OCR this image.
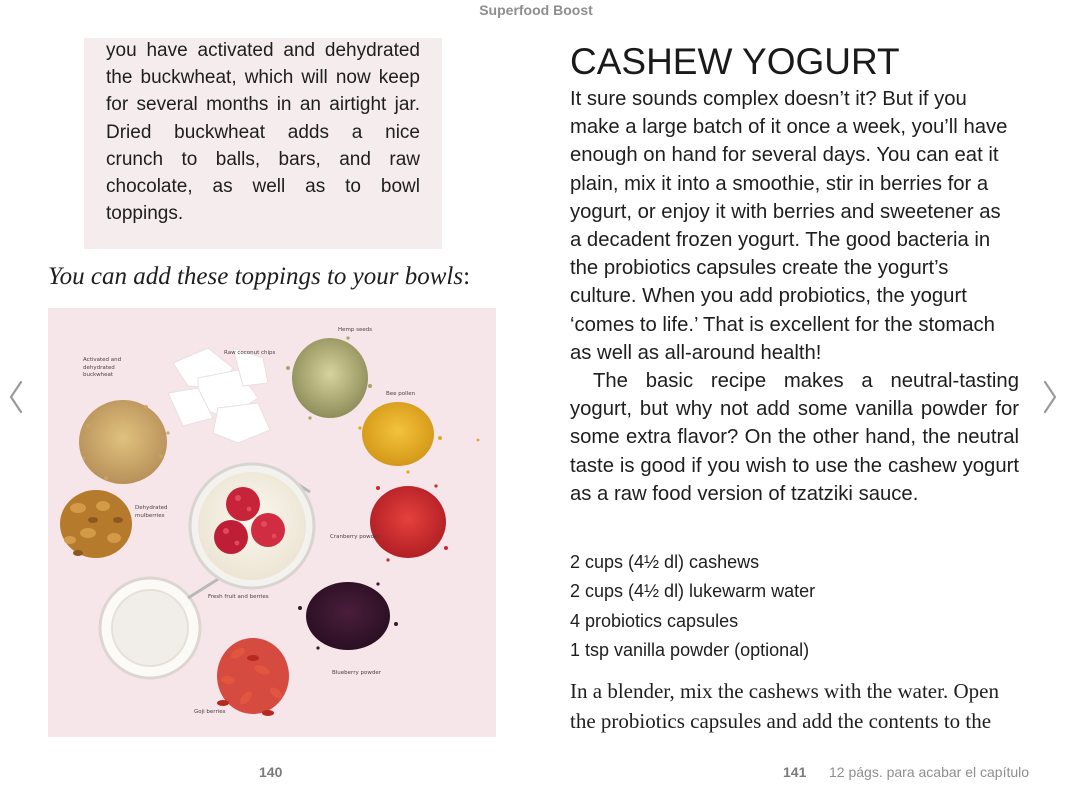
Superfood Boost
you have activated and dehydrated
the buckwheat, which will now keep
for several months in an airtight jar.
Dried buckwheat adds a nice
crunch to balls, bars, and raw
chocolate, as well as to bowl
toppings.
You can add these toppings to your bowls:
Hemp seeds
Raw coconut chips
Activated and
dehydrated
buckwheat
Bee pollen
Dehydrated
mulberries
Cranberry powder
Fresh fruit and berries
Blueberry powder
Goji berries
140
CASHEW YOGURT
It sure sounds complex doesn’t it? But if you
make a large batch of it once a week, you’ll have
enough on hand for several days. You can eat it
plain, mix it into a smoothie, stir in berries for a
yogurt, or enjoy it with berries and sweetener as
a decadent frozen yogurt. The good bacteria in
the probiotics capsules create the yogurt’s
culture. When you add probiotics, the yogurt
‘comes to life.’ That is excellent for the stomach
as well as all-around health!

The basic recipe makes a neutral-tasting yogurt, but why not add some vanilla powder for some extra flavor? On the other hand, the neutral taste is good if you wish to use the cashew yogurt as a raw food version of tzatziki sauce.

2 cups (4½ dl) cashews
2 cups (4½ dl) lukewarm water
4 probiotics capsules
1 tsp vanilla powder (optional)
In a blender, mix the cashews with the water. Open
the probiotics capsules and add the contents to the
141 12 págs. para acabar el capítulo
